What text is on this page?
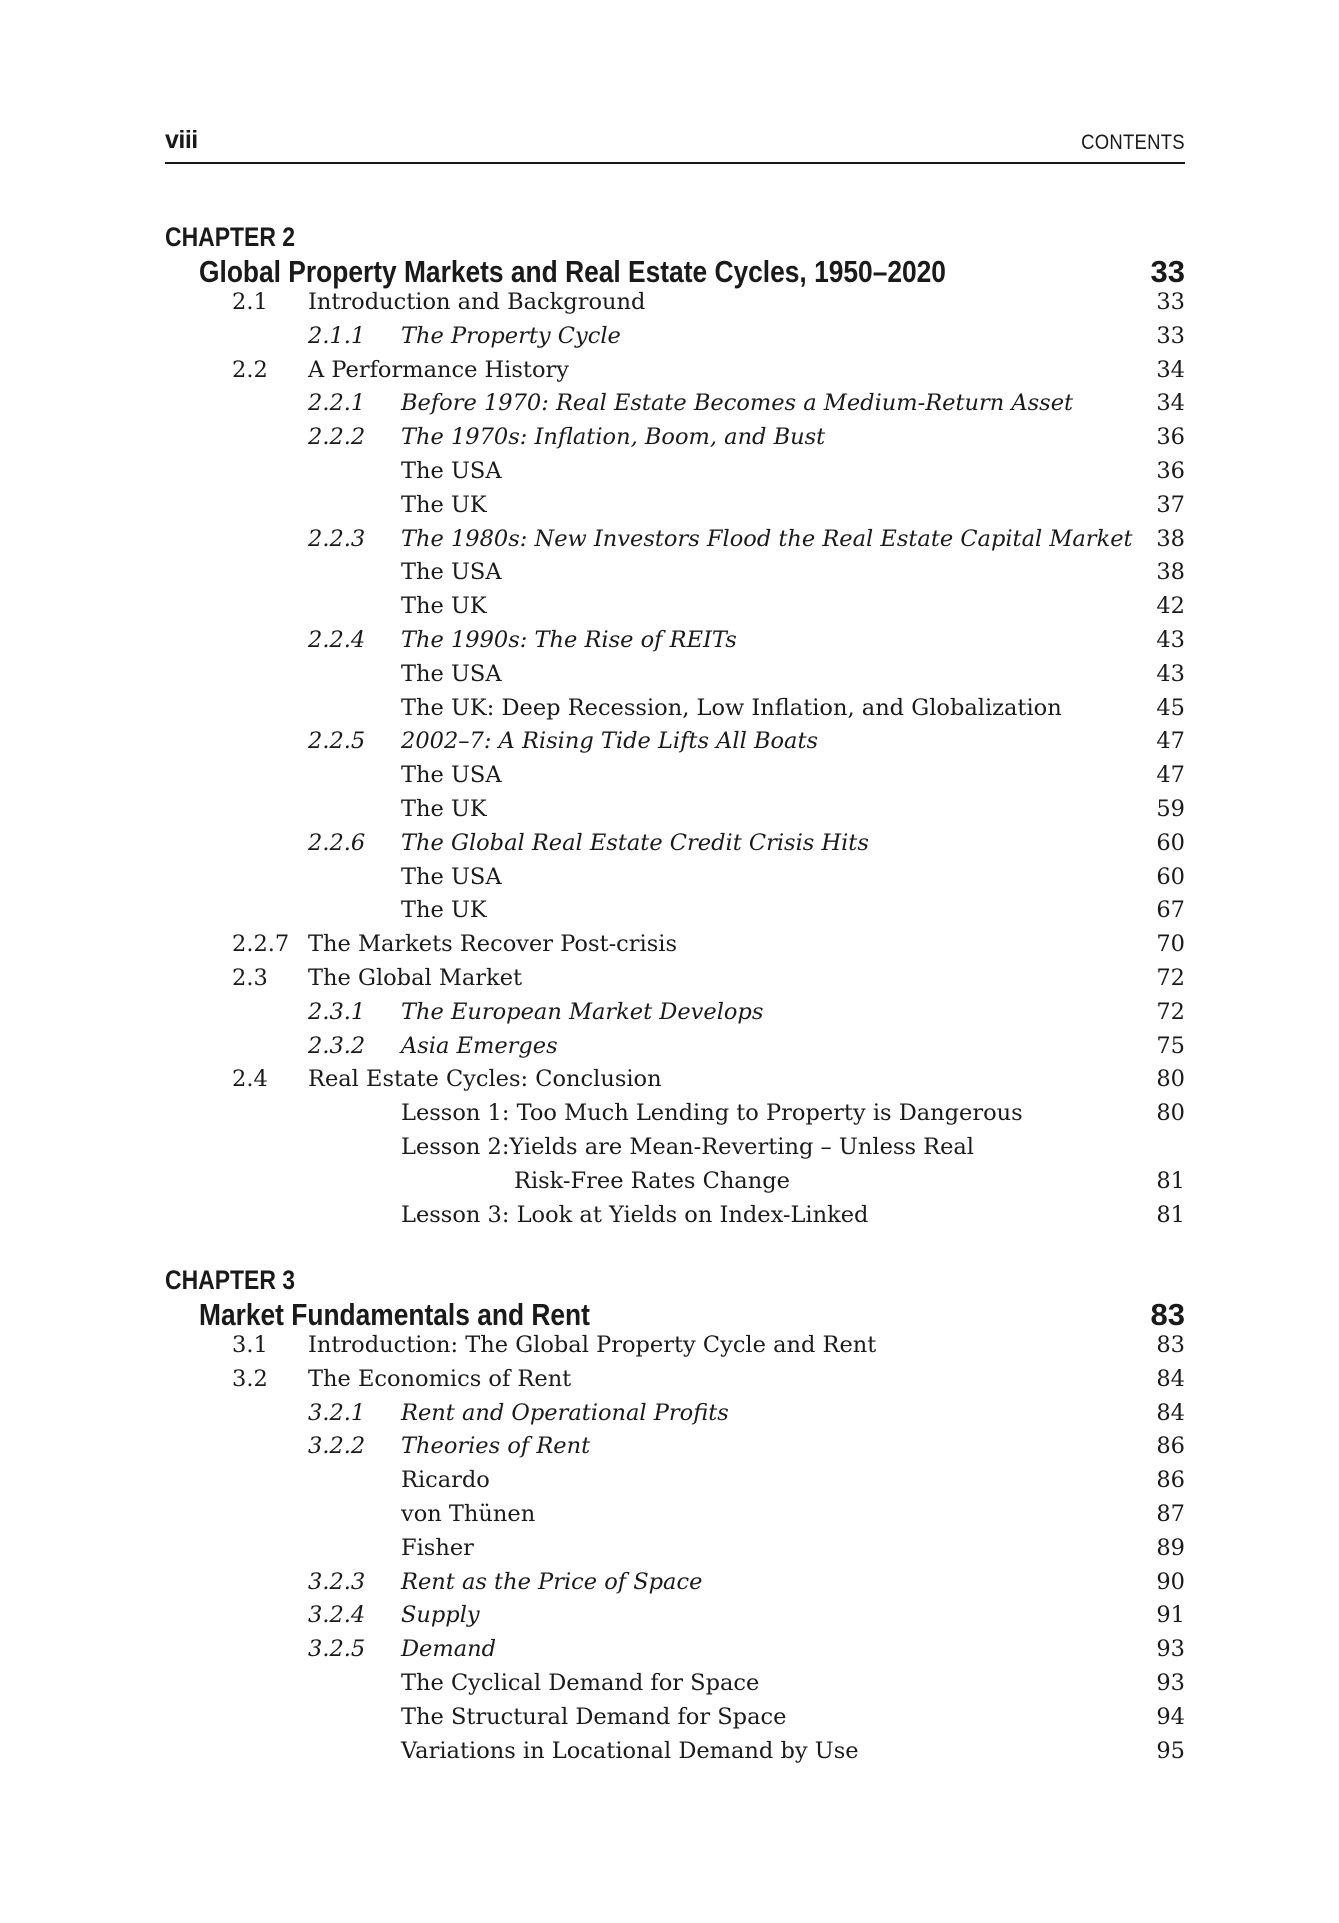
viii	CONTENTS
CHAPTER 2
Global Property Markets and Real Estate Cycles, 1950–2020	33
2.1 Introduction and Background	33
2.1.1 The Property Cycle	33
2.2 A Performance History	34
2.2.1 Before 1970: Real Estate Becomes a Medium-Return Asset	34
2.2.2 The 1970s: Inflation, Boom, and Bust	36
The USA	36
The UK	37
2.2.3 The 1980s: New Investors Flood the Real Estate Capital Market 38
The USA	38
The UK	42
2.2.4 The 1990s: The Rise of REITs	43
The USA	43
The UK: Deep Recession, Low Inflation, and Globalization	45
2.2.5 2002–7: A Rising Tide Lifts All Boats	47
The USA	47
The UK	59
2.2.6 The Global Real Estate Credit Crisis Hits	60
The USA	60
The UK	67
2.2.7 The Markets Recover Post-crisis	70
2.3 The Global Market	72
2.3.1 The European Market Develops	72
2.3.2 Asia Emerges	75
2.4 Real Estate Cycles: Conclusion	80
Lesson 1: Too Much Lending to Property is Dangerous	80
Lesson 2:Yields are Mean-Reverting – Unless Real
Risk-Free Rates Change	81
Lesson 3: Look at Yields on Index-Linked	81
CHAPTER 3
Market Fundamentals and Rent	83
3.1 Introduction: The Global Property Cycle and Rent	83
3.2 The Economics of Rent	84
3.2.1 Rent and Operational Profits	84
3.2.2 Theories of Rent	86
Ricardo	86
von Thünen	87
Fisher	89
3.2.3 Rent as the Price of Space	90
3.2.4 Supply	91
3.2.5 Demand	93
The Cyclical Demand for Space	93
The Structural Demand for Space	94
Variations in Locational Demand by Use	95
